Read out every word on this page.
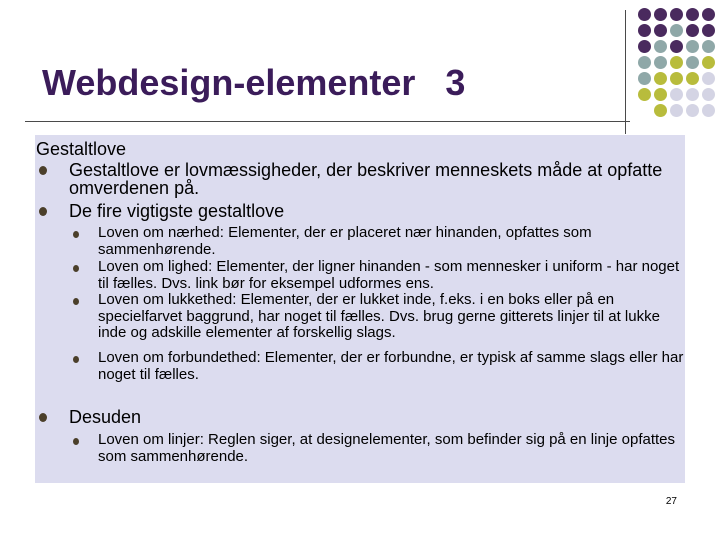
Webdesign-elementer   3
Gestaltlove
Gestaltlove er lovmæssigheder, der beskriver menneskets måde at opfatte omverdenen på.
De fire vigtigste gestaltlove
Loven om nærhed: Elementer, der er placeret nær hinanden, opfattes som sammenhørende.
Loven om lighed: Elementer, der ligner hinanden - som mennesker i uniform - har noget til fælles. Dvs. link bør for eksempel udformes ens.
Loven om lukkethed: Elementer, der er lukket inde, f.eks. i en boks eller på en specielfarvet baggrund, har noget til fælles. Dvs. brug gerne gitterets linjer til at lukke inde og adskille elementer af forskellig slags.
Loven om forbundethed: Elementer, der er forbundne, er typisk af samme slags eller har noget til fælles.
Desuden
Loven om linjer: Reglen siger, at designelementer, som befinder sig på en linje opfattes som sammenhørende.
27
